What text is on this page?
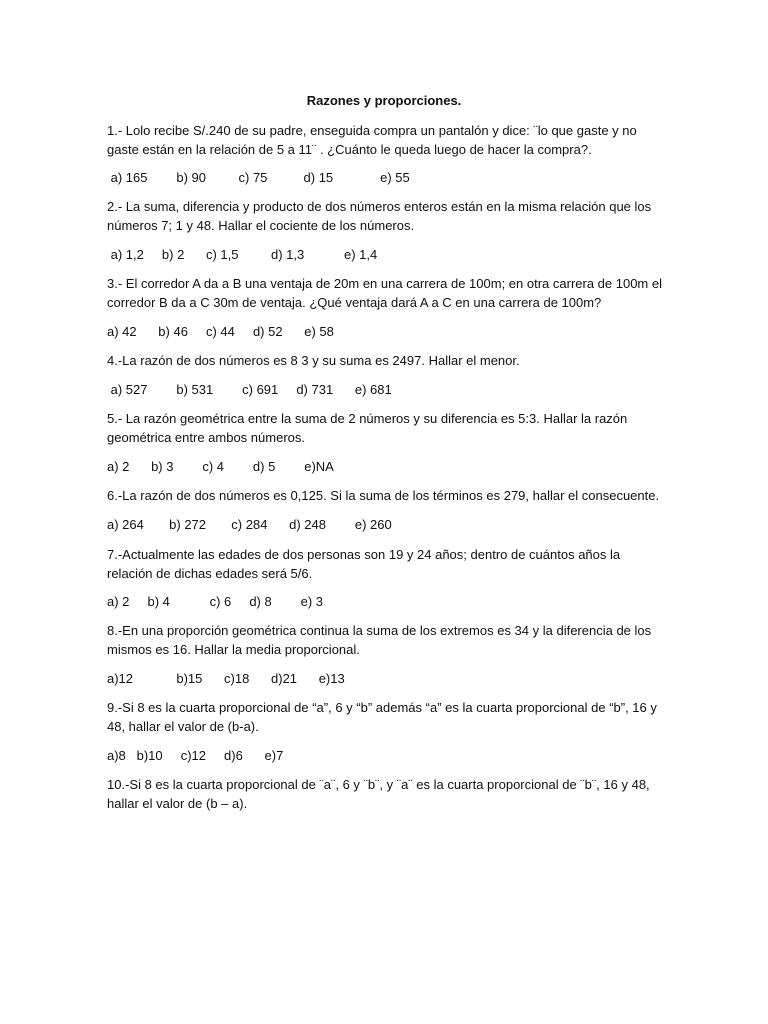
Razones y proporciones.

1.- Lolo recibe S/.240 de su padre, enseguida compra un pantalón y dice: ¨lo que gaste y no gaste están en la relación de 5 a 11¨ . ¿Cuánto le queda luego de hacer la compra?.

a) 165        b) 90         c) 75          d) 15             e) 55

2.- La suma, diferencia y producto de dos números enteros están en la misma relación que los números 7; 1 y 48. Hallar el cociente de los números.

a) 1,2     b) 2      c) 1,5         d) 1,3           e) 1,4

3.- El corredor A da a B una ventaja de 20m en una carrera de 100m; en otra carrera de 100m el corredor B da a C 30m de ventaja. ¿Qué ventaja dará A a C en una carrera de 100m?

a) 42      b) 46     c) 44     d) 52      e) 58

4.-La razón de dos números es 8 3 y su suma es 2497. Hallar el menor.

a) 527        b) 531        c) 691     d) 731      e) 681

5.- La razón geométrica entre la suma de 2 números y su diferencia es 5:3. Hallar la razón geométrica entre ambos números.

a) 2      b) 3        c) 4        d) 5        e)NA

6.-La razón de dos números es 0,125. Si la suma de los términos es 279, hallar el consecuente.

a) 264       b) 272       c) 284      d) 248        e) 260

7.-Actualmente las edades de dos personas son 19 y 24 años; dentro de cuántos años la relación de dichas edades será 5/6.

a) 2     b) 4           c) 6     d) 8        e) 3

8.-En una proporción geométrica continua la suma de los extremos es 34 y la diferencia de los mismos es 16. Hallar la media proporcional.

a)12            b)15      c)18      d)21      e)13

9.-Si 8 es la cuarta proporcional de “a”, 6 y “b” además “a” es la cuarta proporcional de “b”, 16 y 48, hallar el valor de (b-a).

a)8   b)10     c)12     d)6      e)7

10.-Si 8 es la cuarta proporcional de ¨a¨, 6 y ¨b¨, y ¨a¨ es la cuarta proporcional de ¨b¨, 16 y 48, hallar el valor de (b – a).
